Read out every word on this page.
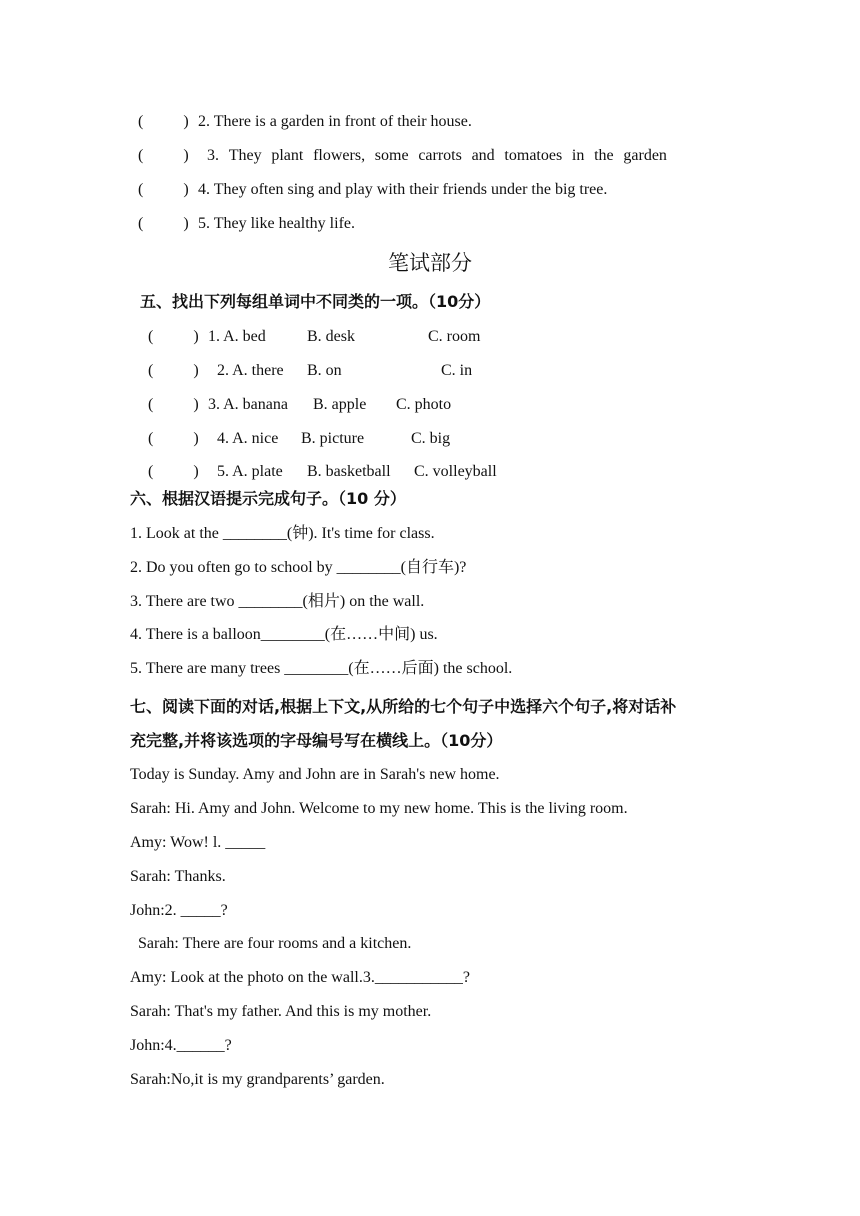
(          ) 2. There is a garden in front of their house.
(          ) 3. They plant flowers, some carrots and tomatoes in the garden
(          ) 4. They often sing and play with their friends under the big tree.
(          ) 5. They like healthy life.
笔试部分
五、找出下列每组单词中不同类的一项。（10分）
(          ) 1. A. bed	B. desk	C. room
(          ) 2. A. there B. on	C. in
(          ) 3. A. banana B. apple C. photo
(          ) 4. A. nice B. picture	C. big
(          ) 5. A. plate B. basketball C. volleyball
六、根据汉语提示完成句子。（10 分）
1. Look at the ________(钟). It's time for class.
2. Do you often go to school by ________(自行车)?
3. There are two ________(相片) on the wall.
4. There is a balloon________(在……中间) us.
5. There are many trees ________(在……后面) the school.
七、阅读下面的对话,根据上下文,从所给的七个句子中选择六个句子,将对话补
充完整,并将该选项的字母编号写在横线上。（10分）
Today is Sunday. Amy and John are in Sarah's new home.
Sarah: Hi. Amy and John. Welcome to my new home. This is the living room.
Amy: Wow! l. _____
Sarah: Thanks.
John:2. _____?
Sarah: There are four rooms and a kitchen.
Amy: Look at the photo on the wall.3.___________?
Sarah: That's my father. And this is my mother.
John:4.______?
Sarah:No,it is my grandparents’ garden.
